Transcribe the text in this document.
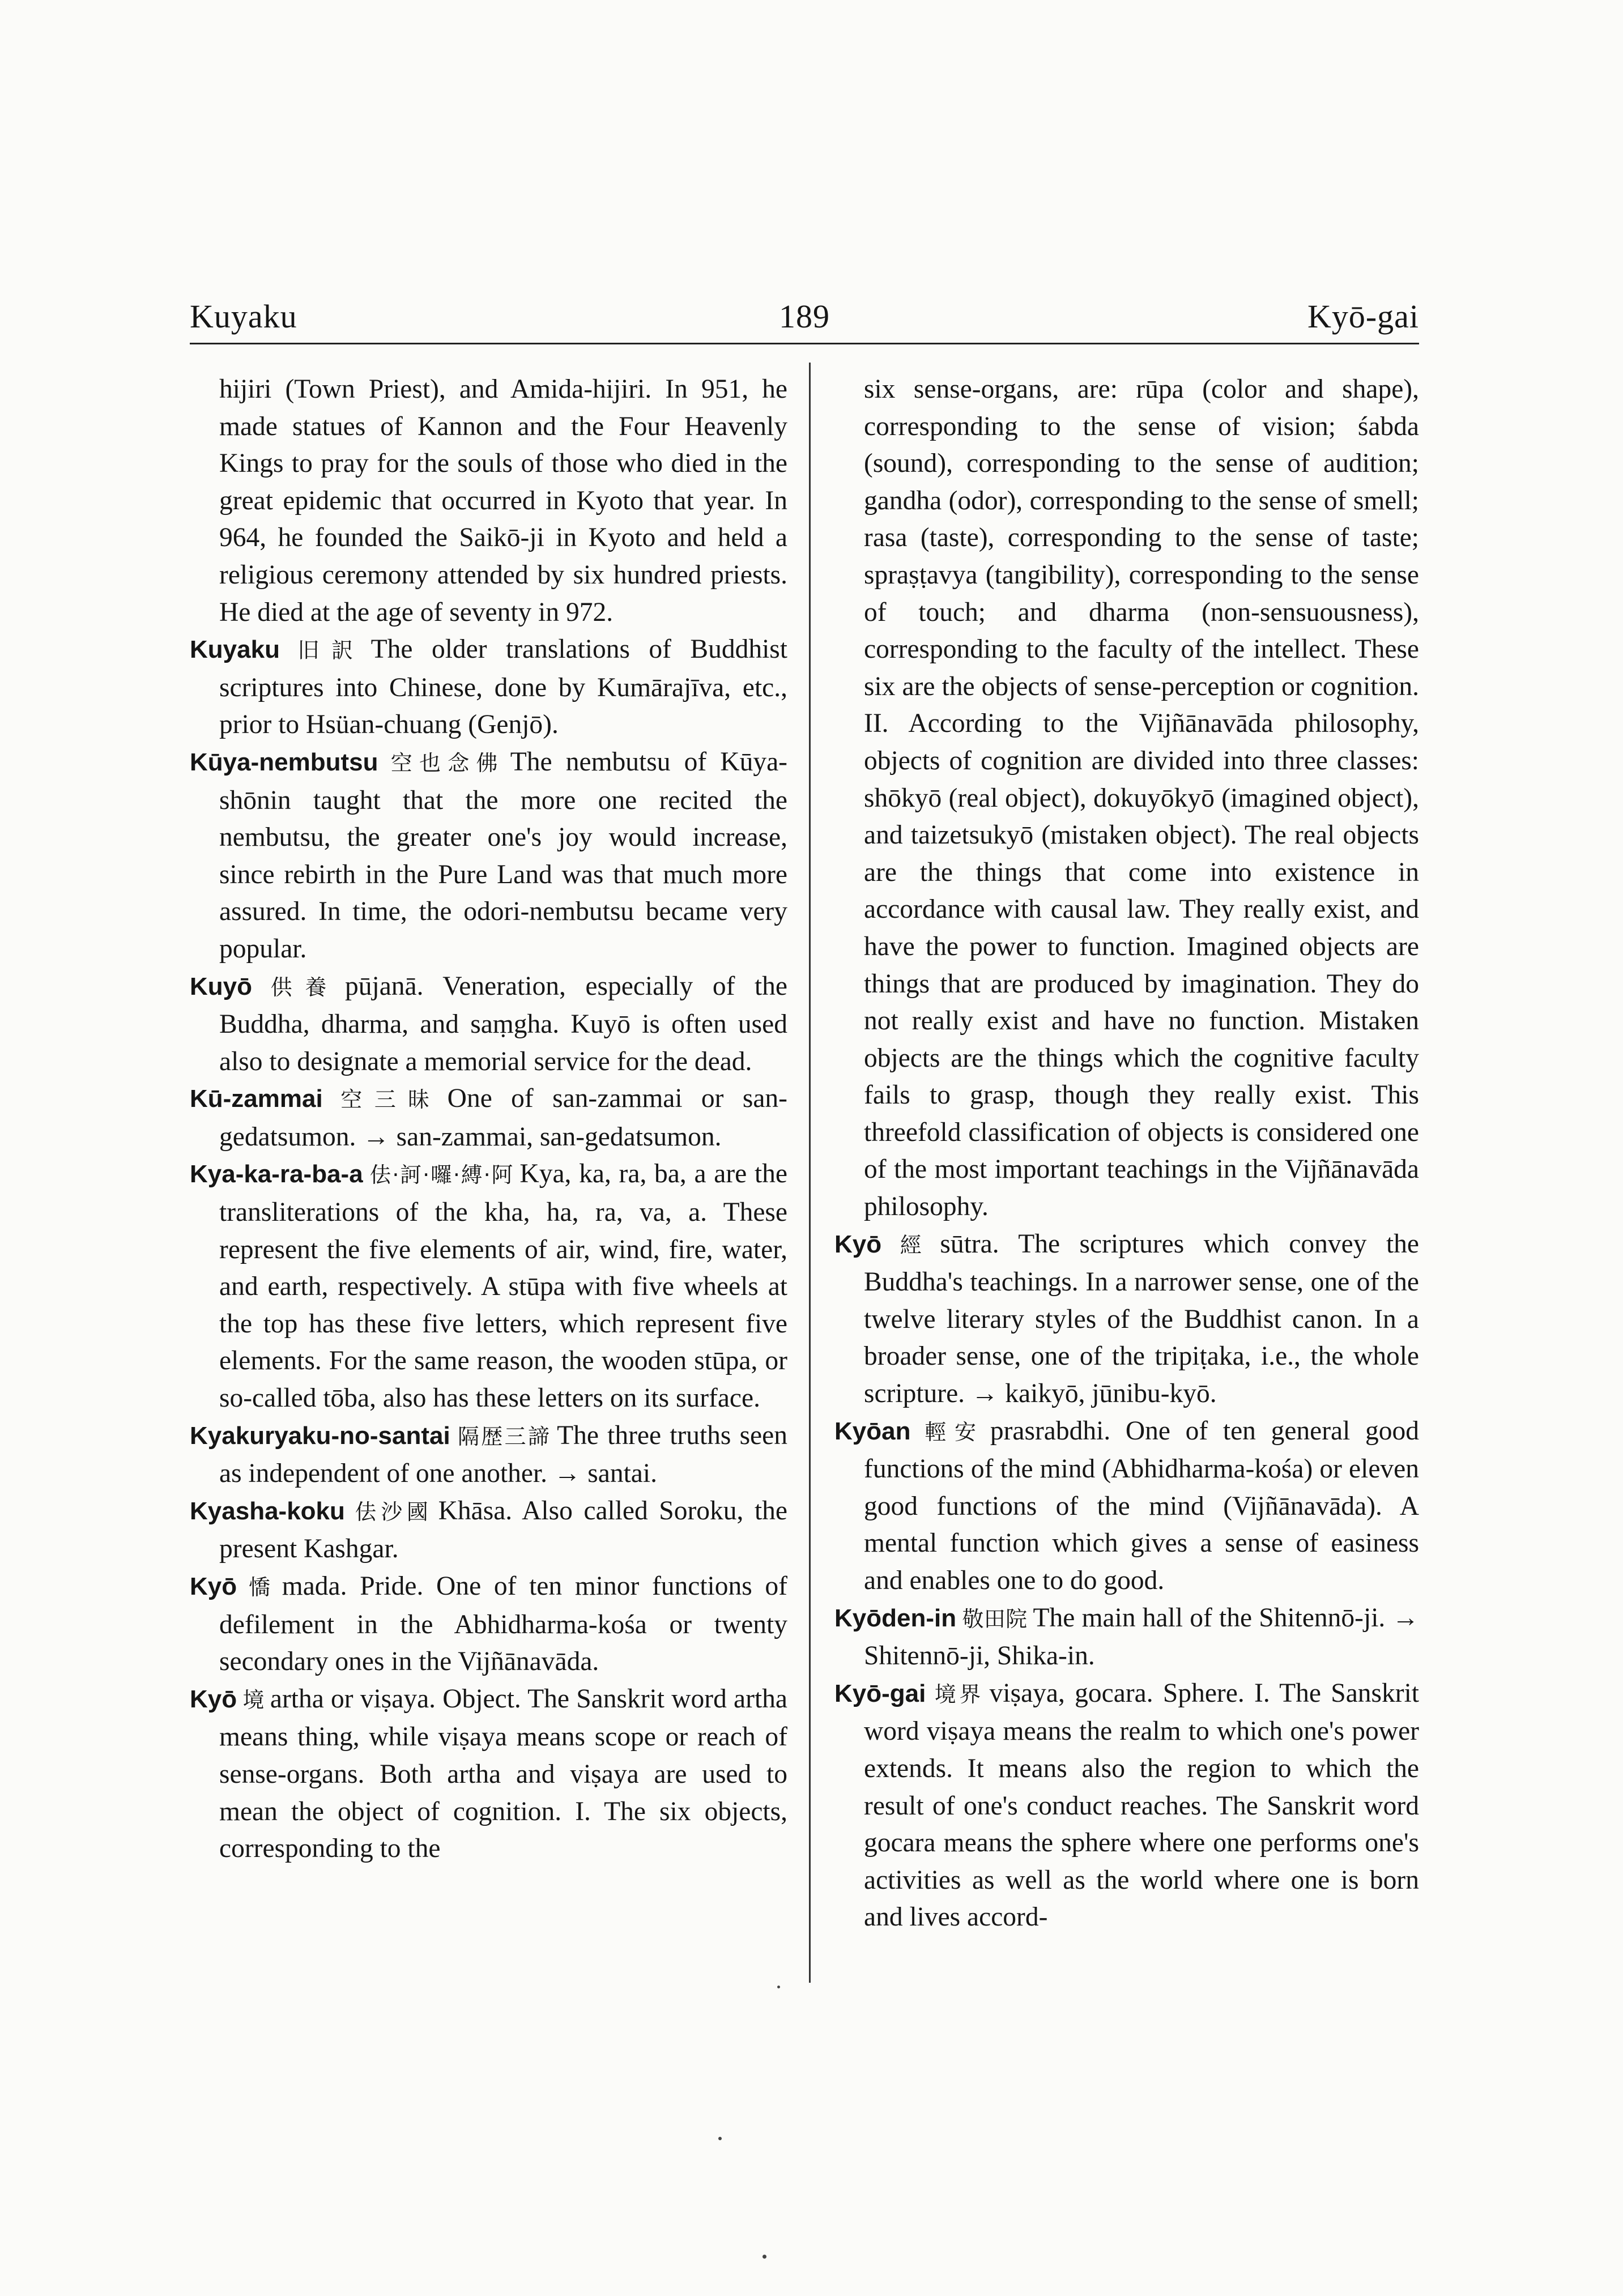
Kuyaku	189	Kyō-gai

hijiri (Town Priest), and Amida-hijiri. In 951, he made statues of Kannon and the Four Heavenly Kings to pray for the souls of those who died in the great epidemic that occurred in Kyoto that year. In 964, he founded the Saikō-ji in Kyoto and held a religious ceremony attended by six hundred priests. He died at the age of seventy in 972.

Kuyaku 旧訳 The older translations of Buddhist scriptures into Chinese, done by Kumārajīva, etc., prior to Hsüan-chuang (Genjō).

Kūya-nembutsu 空也念佛 The nembutsu of Kūya-shōnin taught that the more one recited the nembutsu, the greater one's joy would increase, since rebirth in the Pure Land was that much more assured. In time, the odori-nembutsu became very popular.

Kuyō 供養 pūjanā. Veneration, especially of the Buddha, dharma, and saṃgha. Kuyō is often used also to designate a memorial service for the dead.

Kū-zammai 空三昧 One of san-zammai or san-gedatsumon. → san-zammai, san-gedatsumon.

Kya-ka-ra-ba-a 佉·訶·囉·縛·阿 Kya, ka, ra, ba, a are the transliterations of the kha, ha, ra, va, a. These represent the five elements of air, wind, fire, water, and earth, respectively. A stūpa with five wheels at the top has these five letters, which represent five elements. For the same reason, the wooden stūpa, or so-called tōba, also has these letters on its surface.

Kyakuryaku-no-santai 隔歴三諦 The three truths seen as independent of one another. → santai.

Kyasha-koku 佉沙國 Khāsa. Also called Soroku, the present Kashgar.

Kyō 憍 mada. Pride. One of ten minor functions of defilement in the Abhidharma-kośa or twenty secondary ones in the Vijñānavāda.

Kyō 境 artha or viṣaya. Object. The Sanskrit word artha means thing, while viṣaya means scope or reach of sense-organs. Both artha and viṣaya are used to mean the object of cognition. I. The six objects, corresponding to the

six sense-organs, are: rūpa (color and shape), corresponding to the sense of vision; śabda (sound), corresponding to the sense of audition; gandha (odor), corresponding to the sense of smell; rasa (taste), corresponding to the sense of taste; spraṣṭavya (tangibility), corresponding to the sense of touch; and dharma (non-sensuousness), corresponding to the faculty of the intellect. These six are the objects of sense-perception or cognition. II. According to the Vijñānavāda philosophy, objects of cognition are divided into three classes: shōkyō (real object), dokuyōkyō (imagined object), and taizetsukyō (mistaken object). The real objects are the things that come into existence in accordance with causal law. They really exist, and have the power to function. Imagined objects are things that are produced by imagination. They do not really exist and have no function. Mistaken objects are the things which the cognitive faculty fails to grasp, though they really exist. This threefold classification of objects is considered one of the most important teachings in the Vijñānavāda philosophy.

Kyō 經 sūtra. The scriptures which convey the Buddha's teachings. In a narrower sense, one of the twelve literary styles of the Buddhist canon. In a broader sense, one of the tripiṭaka, i.e., the whole scripture. → kaikyō, jūnibu-kyō.

Kyōan 輕安 prasrabdhi. One of ten general good functions of the mind (Abhidharma-kośa) or eleven good functions of the mind (Vijñānavāda). A mental function which gives a sense of easiness and enables one to do good.

Kyōden-in 敬田院 The main hall of the Shitennō-ji. → Shitennō-ji, Shika-in.

Kyō-gai 境界 viṣaya, gocara. Sphere. I. The Sanskrit word viṣaya means the realm to which one's power extends. It means also the region to which the result of one's conduct reaches. The Sanskrit word gocara means the sphere where one performs one's activities as well as the world where one is born and lives accord-
